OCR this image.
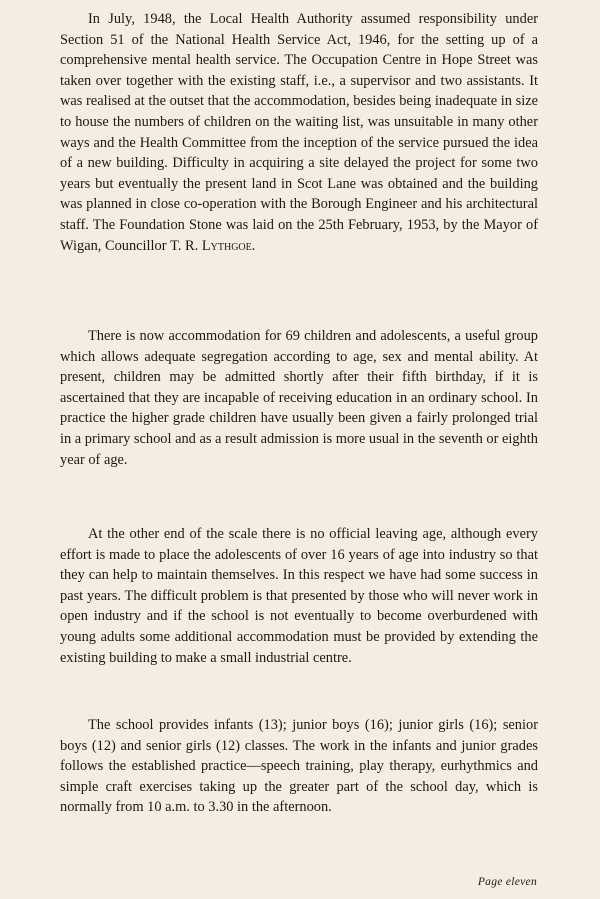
In July, 1948, the Local Health Authority assumed responsibility under Section 51 of the National Health Service Act, 1946, for the setting up of a comprehensive mental health service. The Occupation Centre in Hope Street was taken over together with the existing staff, i.e., a supervisor and two assistants. It was realised at the outset that the accommodation, besides being inadequate in size to house the numbers of children on the waiting list, was unsuitable in many other ways and the Health Committee from the inception of the service pursued the idea of a new building. Difficulty in acquiring a site delayed the project for some two years but eventually the present land in Scot Lane was obtained and the building was planned in close co-operation with the Borough Engineer and his architectural staff. The Foundation Stone was laid on the 25th February, 1953, by the Mayor of Wigan, Councillor T. R. Lythgoe.

There is now accommodation for 69 children and adolescents, a useful group which allows adequate segregation according to age, sex and mental ability. At present, children may be admitted shortly after their fifth birthday, if it is ascertained that they are incapable of receiving education in an ordinary school. In practice the higher grade children have usually been given a fairly prolonged trial in a primary school and as a result admission is more usual in the seventh or eighth year of age.

At the other end of the scale there is no official leaving age, although every effort is made to place the adolescents of over 16 years of age into industry so that they can help to maintain themselves. In this respect we have had some success in past years. The difficult problem is that presented by those who will never work in open industry and if the school is not eventually to become overburdened with young adults some additional accommodation must be provided by extending the existing building to make a small industrial centre.

The school provides infants (13); junior boys (16); junior girls (16); senior boys (12) and senior girls (12) classes. The work in the infants and junior grades follows the established practice—speech training, play therapy, eurhythmics and simple craft exercises taking up the greater part of the school day, which is normally from 10 a.m. to 3.30 in the afternoon.

Page eleven
